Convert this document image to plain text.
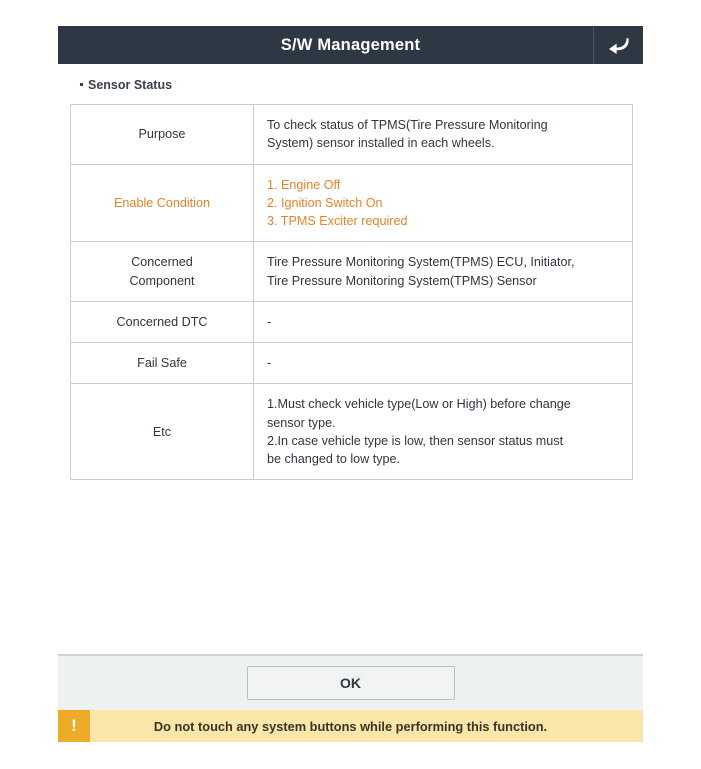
S/W Management
Sensor Status
Purpose	To check status of TPMS(Tire Pressure Monitoring
System) sensor installed in each wheels.

Enable Condition	1. Engine Off
2. Ignition Switch On
3. TPMS Exciter required

Concerned
Component	Tire Pressure Monitoring System(TPMS) ECU, Initiator,
Tire Pressure Monitoring System(TPMS) Sensor

Concerned DTC	-

Fail Safe	-

Etc	1.Must check vehicle type(Low or High) before change
sensor type.
2.In case vehicle type is low, then sensor status must
be changed to low type.
OK
!	Do not touch any system buttons while performing this function.
